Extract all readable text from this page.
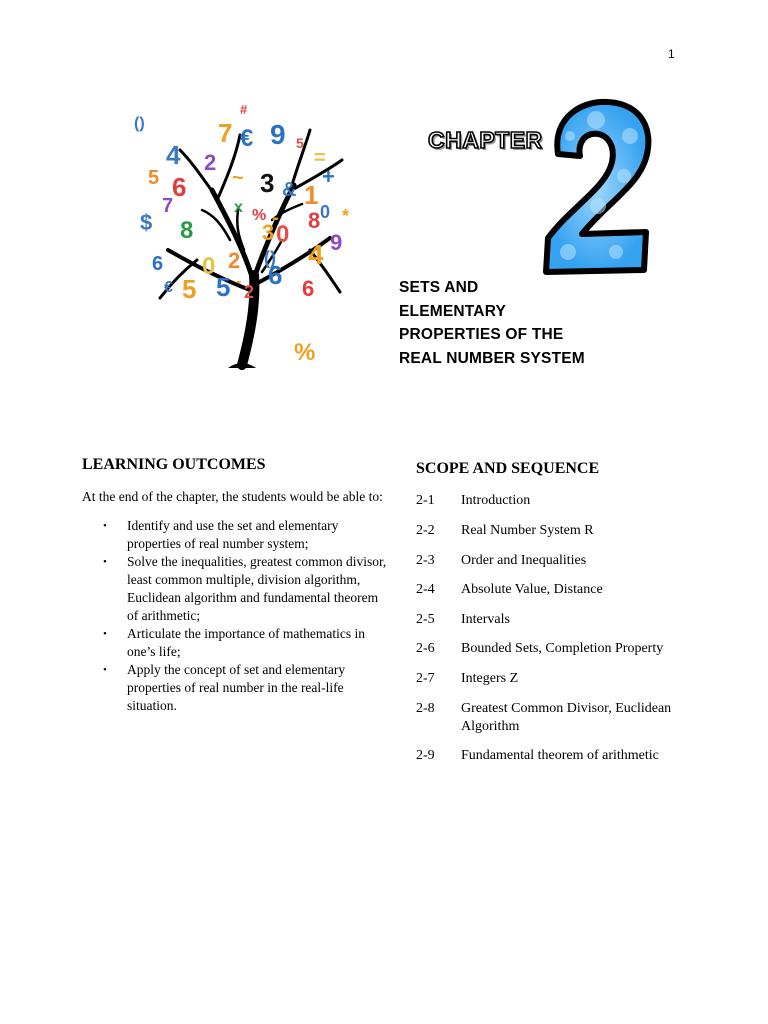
1
()
#
7 € 9 5
4 2
3
~
=
5 6	& 1
+
7
8
x %
$	- 8 0
3 0
*
9
4
6 0 2 ()
5	6
€ 5 2
-	6
%
CHAPTER
SETS AND
ELEMENTARY
PROPERTIES OF THE
REAL NUMBER SYSTEM
LEARNING OUTCOMES
At the end of the chapter, the students would be able to:
• Identify and use the set and elementary properties of real number system;
• Solve the inequalities, greatest common divisor, least common multiple, division algorithm, Euclidean algorithm and fundamental theorem of arithmetic;
• Articulate the importance of mathematics in one’s life;
• Apply the concept of set and elementary properties of real number in the real-life situation.
SCOPE AND SEQUENCE
2-1	Introduction
2-2	Real Number System R
2-3	Order and Inequalities
2-4	Absolute Value, Distance
2-5	Intervals
2-6	Bounded Sets, Completion Property
2-7	Integers Z
2-8	Greatest Common Divisor, Euclidean Algorithm
2-9	Fundamental theorem of arithmetic
